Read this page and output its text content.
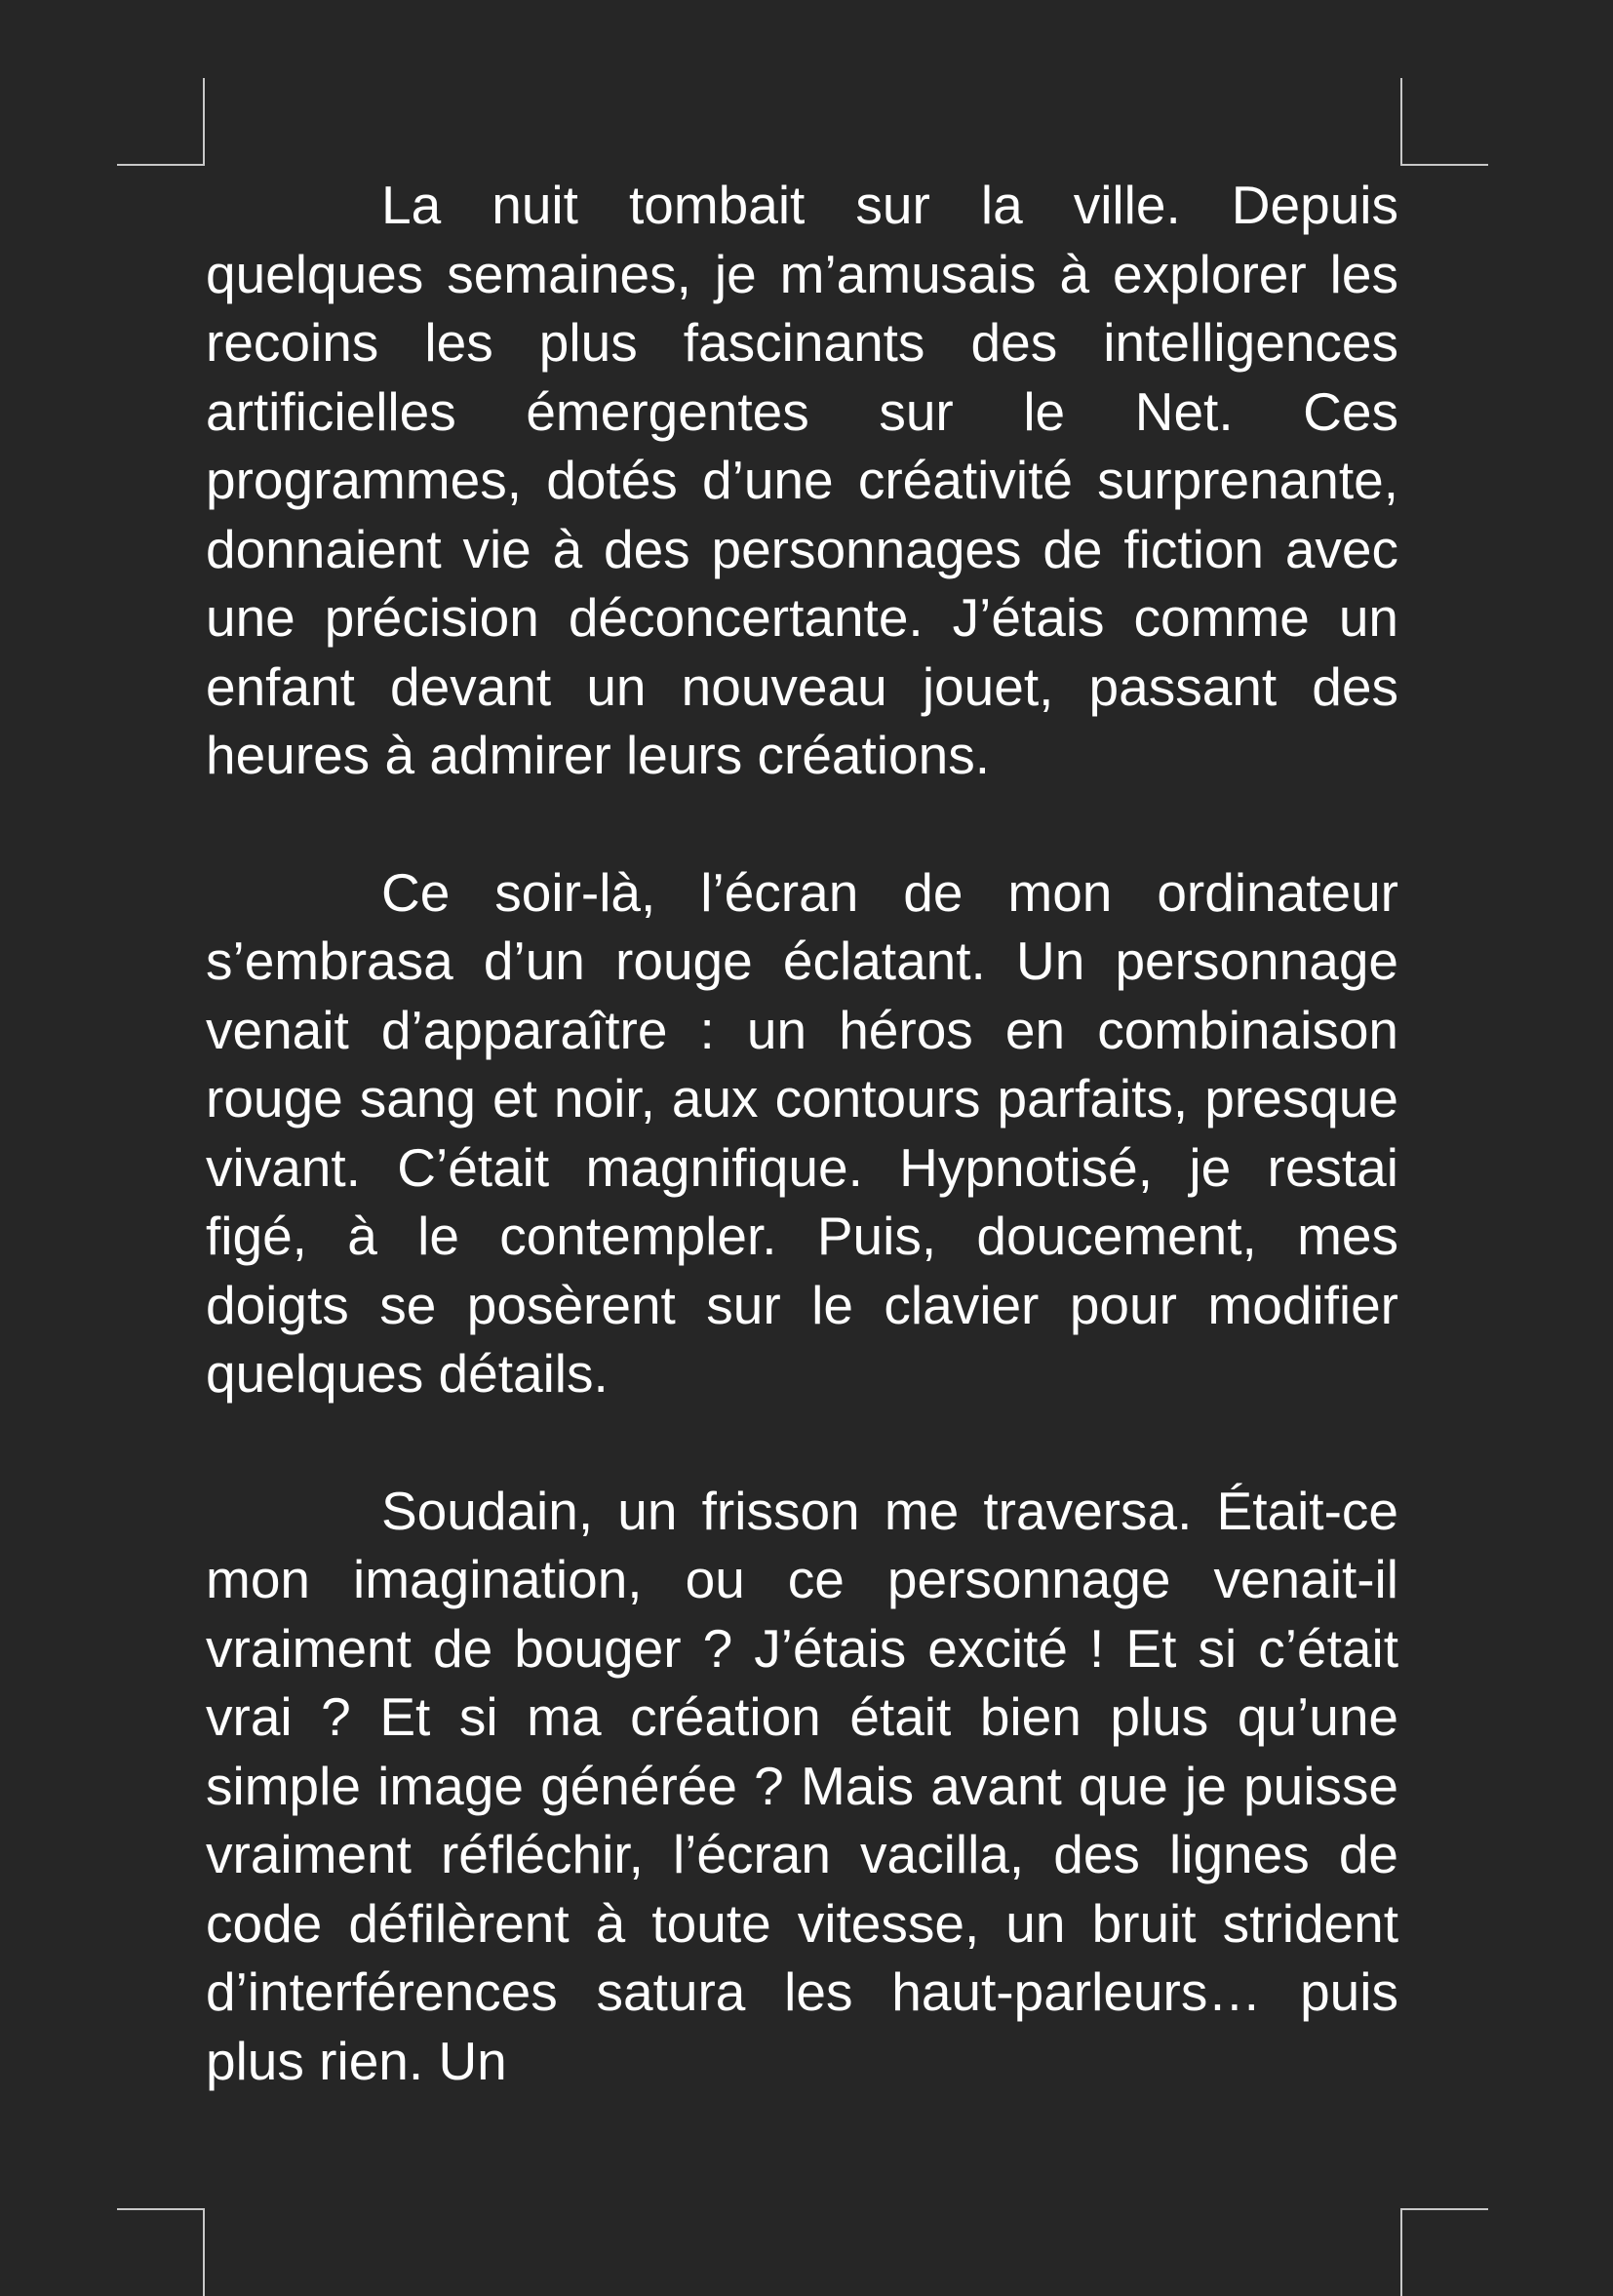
La nuit tombait sur la ville. Depuis quelques semaines, je m’amusais à explorer les recoins les plus fascinants des intelligences artificielles émergentes sur le Net. Ces programmes, dotés d’une créativité surprenante, donnaient vie à des personnages de fiction avec une précision déconcertante. J’étais comme un enfant devant un nouveau jouet, passant des heures à admirer leurs créations.

Ce soir-là, l’écran de mon ordinateur s’embrasa d’un rouge éclatant. Un personnage venait d’apparaître : un héros en combinaison rouge sang et noir, aux contours parfaits, presque vivant. C’était magnifique. Hypnotisé, je restai figé, à le contempler. Puis, doucement, mes doigts se posèrent sur le clavier pour modifier quelques détails.

Soudain, un frisson me traversa. Était-ce mon imagination, ou ce personnage venait-il vraiment de bouger ? J’étais excité ! Et si c’était vrai ? Et si ma création était bien plus qu’une simple image générée ? Mais avant que je puisse vraiment réfléchir, l’écran vacilla, des lignes de code défilèrent à toute vitesse, un bruit strident d’interférences satura les haut-parleurs… puis plus rien. Un
